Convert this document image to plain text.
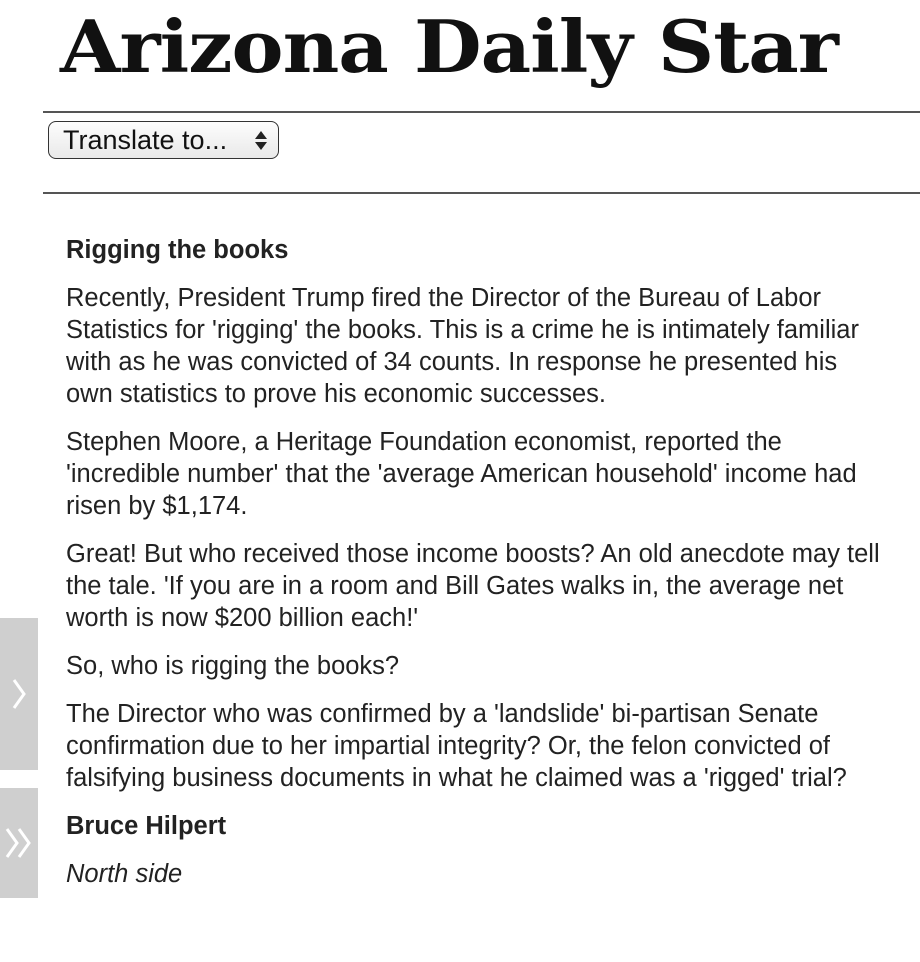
Arizona Daily Star
Translate to...
Rigging the books

Recently, President Trump fired the Director of the Bureau of Labor Statistics for 'rigging' the books. This is a crime he is intimately familiar with as he was convicted of 34 counts. In response he presented his own statistics to prove his economic successes.

Stephen Moore, a Heritage Foundation economist, reported the 'incredible number' that the 'average American household' income had risen by $1,174.

Great! But who received those income boosts? An old anecdote may tell the tale. 'If you are in a room and Bill Gates walks in, the average net worth is now $200 billion each!'

So, who is rigging the books?

The Director who was confirmed by a 'landslide' bi-partisan Senate confirmation due to her impartial integrity? Or, the felon convicted of falsifying business documents in what he claimed was a 'rigged' trial?

Bruce Hilpert

North side
